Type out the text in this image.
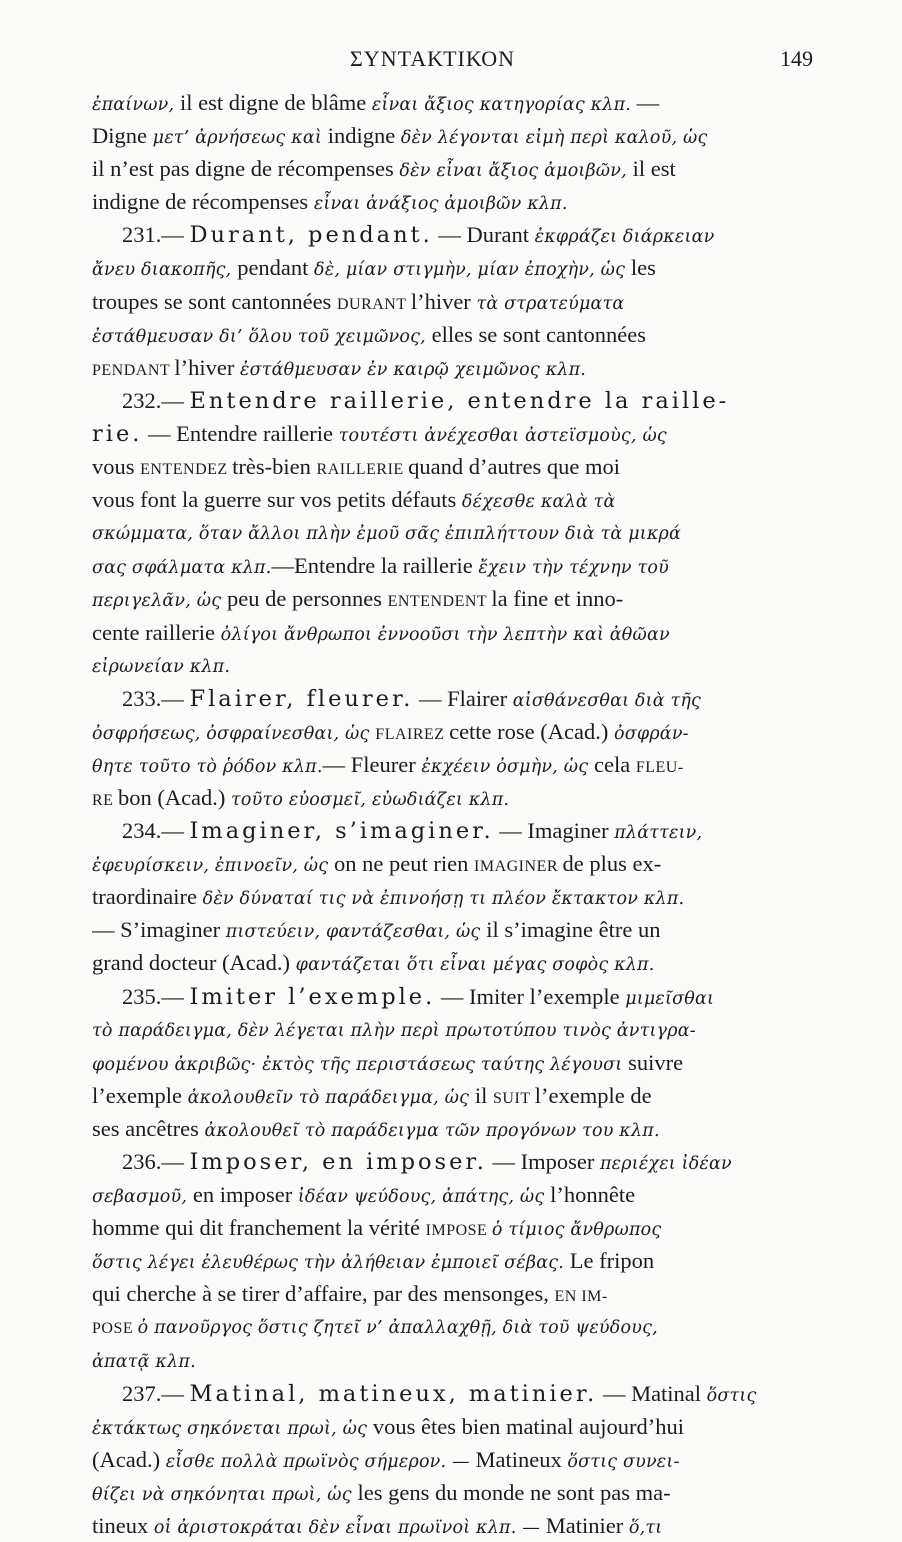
ΣΥΝΤΑΚΤΙΚΟΝ	149
ἐπαίνων, il est digne de blâme εἶναι ἄξιος κατηγορίας κλπ. —
Digne μετ’ ἀρνήσεως καὶ indigne δὲν λέγονται εἰμὴ περὶ καλοῦ, ὡς
il n’est pas digne de récompenses δὲν εἶναι ἄξιος ἀμοιβῶν, il est
indigne de récompenses εἶναι ἀνάξιος ἀμοιβῶν κλπ.
231.— Durant, pendant. — Durant ἐκφράζει διάρκειαν
ἄνευ διακοπῆς, pendant δὲ, μίαν στιγμὴν, μίαν ἐποχὴν, ὡς les
troupes se sont cantonnées DURANT l’hiver τὰ στρατεύματα
ἐστάθμευσαν δι’ ὅλου τοῦ χειμῶνος, elles se sont cantonnées
PENDANT l’hiver ἐστάθμευσαν ἐν καιρῷ χειμῶνος κλπ.
232.— Entendre raillerie, entendre la raille-
rie. — Entendre raillerie τουτέστι ἀνέχεσθαι ἀστεϊσμοὺς, ὡς
vous ENTENDEZ très-bien RAILLERIE quand d’autres que moi
vous font la guerre sur vos petits défauts δέχεσθε καλὰ τὰ
σκώμματα, ὅταν ἄλλοι πλὴν ἐμοῦ σᾶς ἐπιπλήττουν διὰ τὰ μικρά
σας σφάλματα κλπ.—Entendre la raillerie ἔχειν τὴν τέχνην τοῦ
περιγελᾶν, ὡς peu de personnes ENTENDENT la fine et inno-
cente raillerie ὀλίγοι ἄνθρωποι ἐννοοῦσι τὴν λεπτὴν καὶ ἀθῶαν
εἰρωνείαν κλπ.
233.— Flairer, fleurer. — Flairer αἰσθάνεσθαι διὰ τῆς
ὀσφρήσεως, ὀσφραίνεσθαι, ὡς FLAIREZ cette rose (Acad.) ὀσφράν-
θητε τοῦτο τὸ ῥόδον κλπ.— Fleurer ἐκχέειν ὀσμὴν, ὡς cela FLEU-
RE bon (Acad.) τοῦτο εὐοσμεῖ, εὐωδιάζει κλπ.
234.— Imaginer, s’imaginer. — Imaginer πλάττειν,
ἐφευρίσκειν, ἐπινοεῖν, ὡς on ne peut rien IMAGINER de plus ex-
traordinaire δὲν δύναταί τις νὰ ἐπινοήσῃ τι πλέον ἔκτακτον κλπ.
— S’imaginer πιστεύειν, φαντάζεσθαι, ὡς il s’imagine être un
grand docteur (Acad.) φαντάζεται ὅτι εἶναι μέγας σοφὸς κλπ.
235.— Imiter l’exemple. — Imiter l’exemple μιμεῖσθαι
τὸ παράδειγμα, δὲν λέγεται πλὴν περὶ πρωτοτύπου τινὸς ἀντιγρα-
φομένου ἀκριβῶς· ἐκτὸς τῆς περιστάσεως ταύτης λέγουσι suivre
l’exemple ἀκολουθεῖν τὸ παράδειγμα, ὡς il SUIT l’exemple de
ses ancêtres ἀκολουθεῖ τὸ παράδειγμα τῶν προγόνων του κλπ.
236.— Imposer, en imposer. — Imposer περιέχει ἰδέαν
σεβασμοῦ, en imposer ἰδέαν ψεύδους, ἀπάτης, ὡς l’honnête
homme qui dit franchement la vérité IMPOSE ὁ τίμιος ἄνθρωπος
ὅστις λέγει ἐλευθέρως τὴν ἀλήθειαν ἐμποιεῖ σέβας. Le fripon
qui cherche à se tirer d’affaire, par des mensonges, EN IM-
POSE ὁ πανοῦργος ὅστις ζητεῖ ν’ ἀπαλλαχθῇ, διὰ τοῦ ψεύδους,
ἀπατᾷ κλπ.
237.— Matinal, matineux, matinier. — Matinal ὅστις
ἐκτάκτως σηκόνεται πρωὶ, ὡς vous êtes bien matinal aujourd’hui
(Acad.) εἶσθε πολλὰ πρωϊνὸς σήμερον. — Matineux ὅστις συνει-
θίζει νὰ σηκόνηται πρωὶ, ὡς les gens du monde ne sont pas ma-
tineux οἱ ἀριστοκράται δὲν εἶναι πρωϊνοὶ κλπ. — Matinier ὅ,τι
